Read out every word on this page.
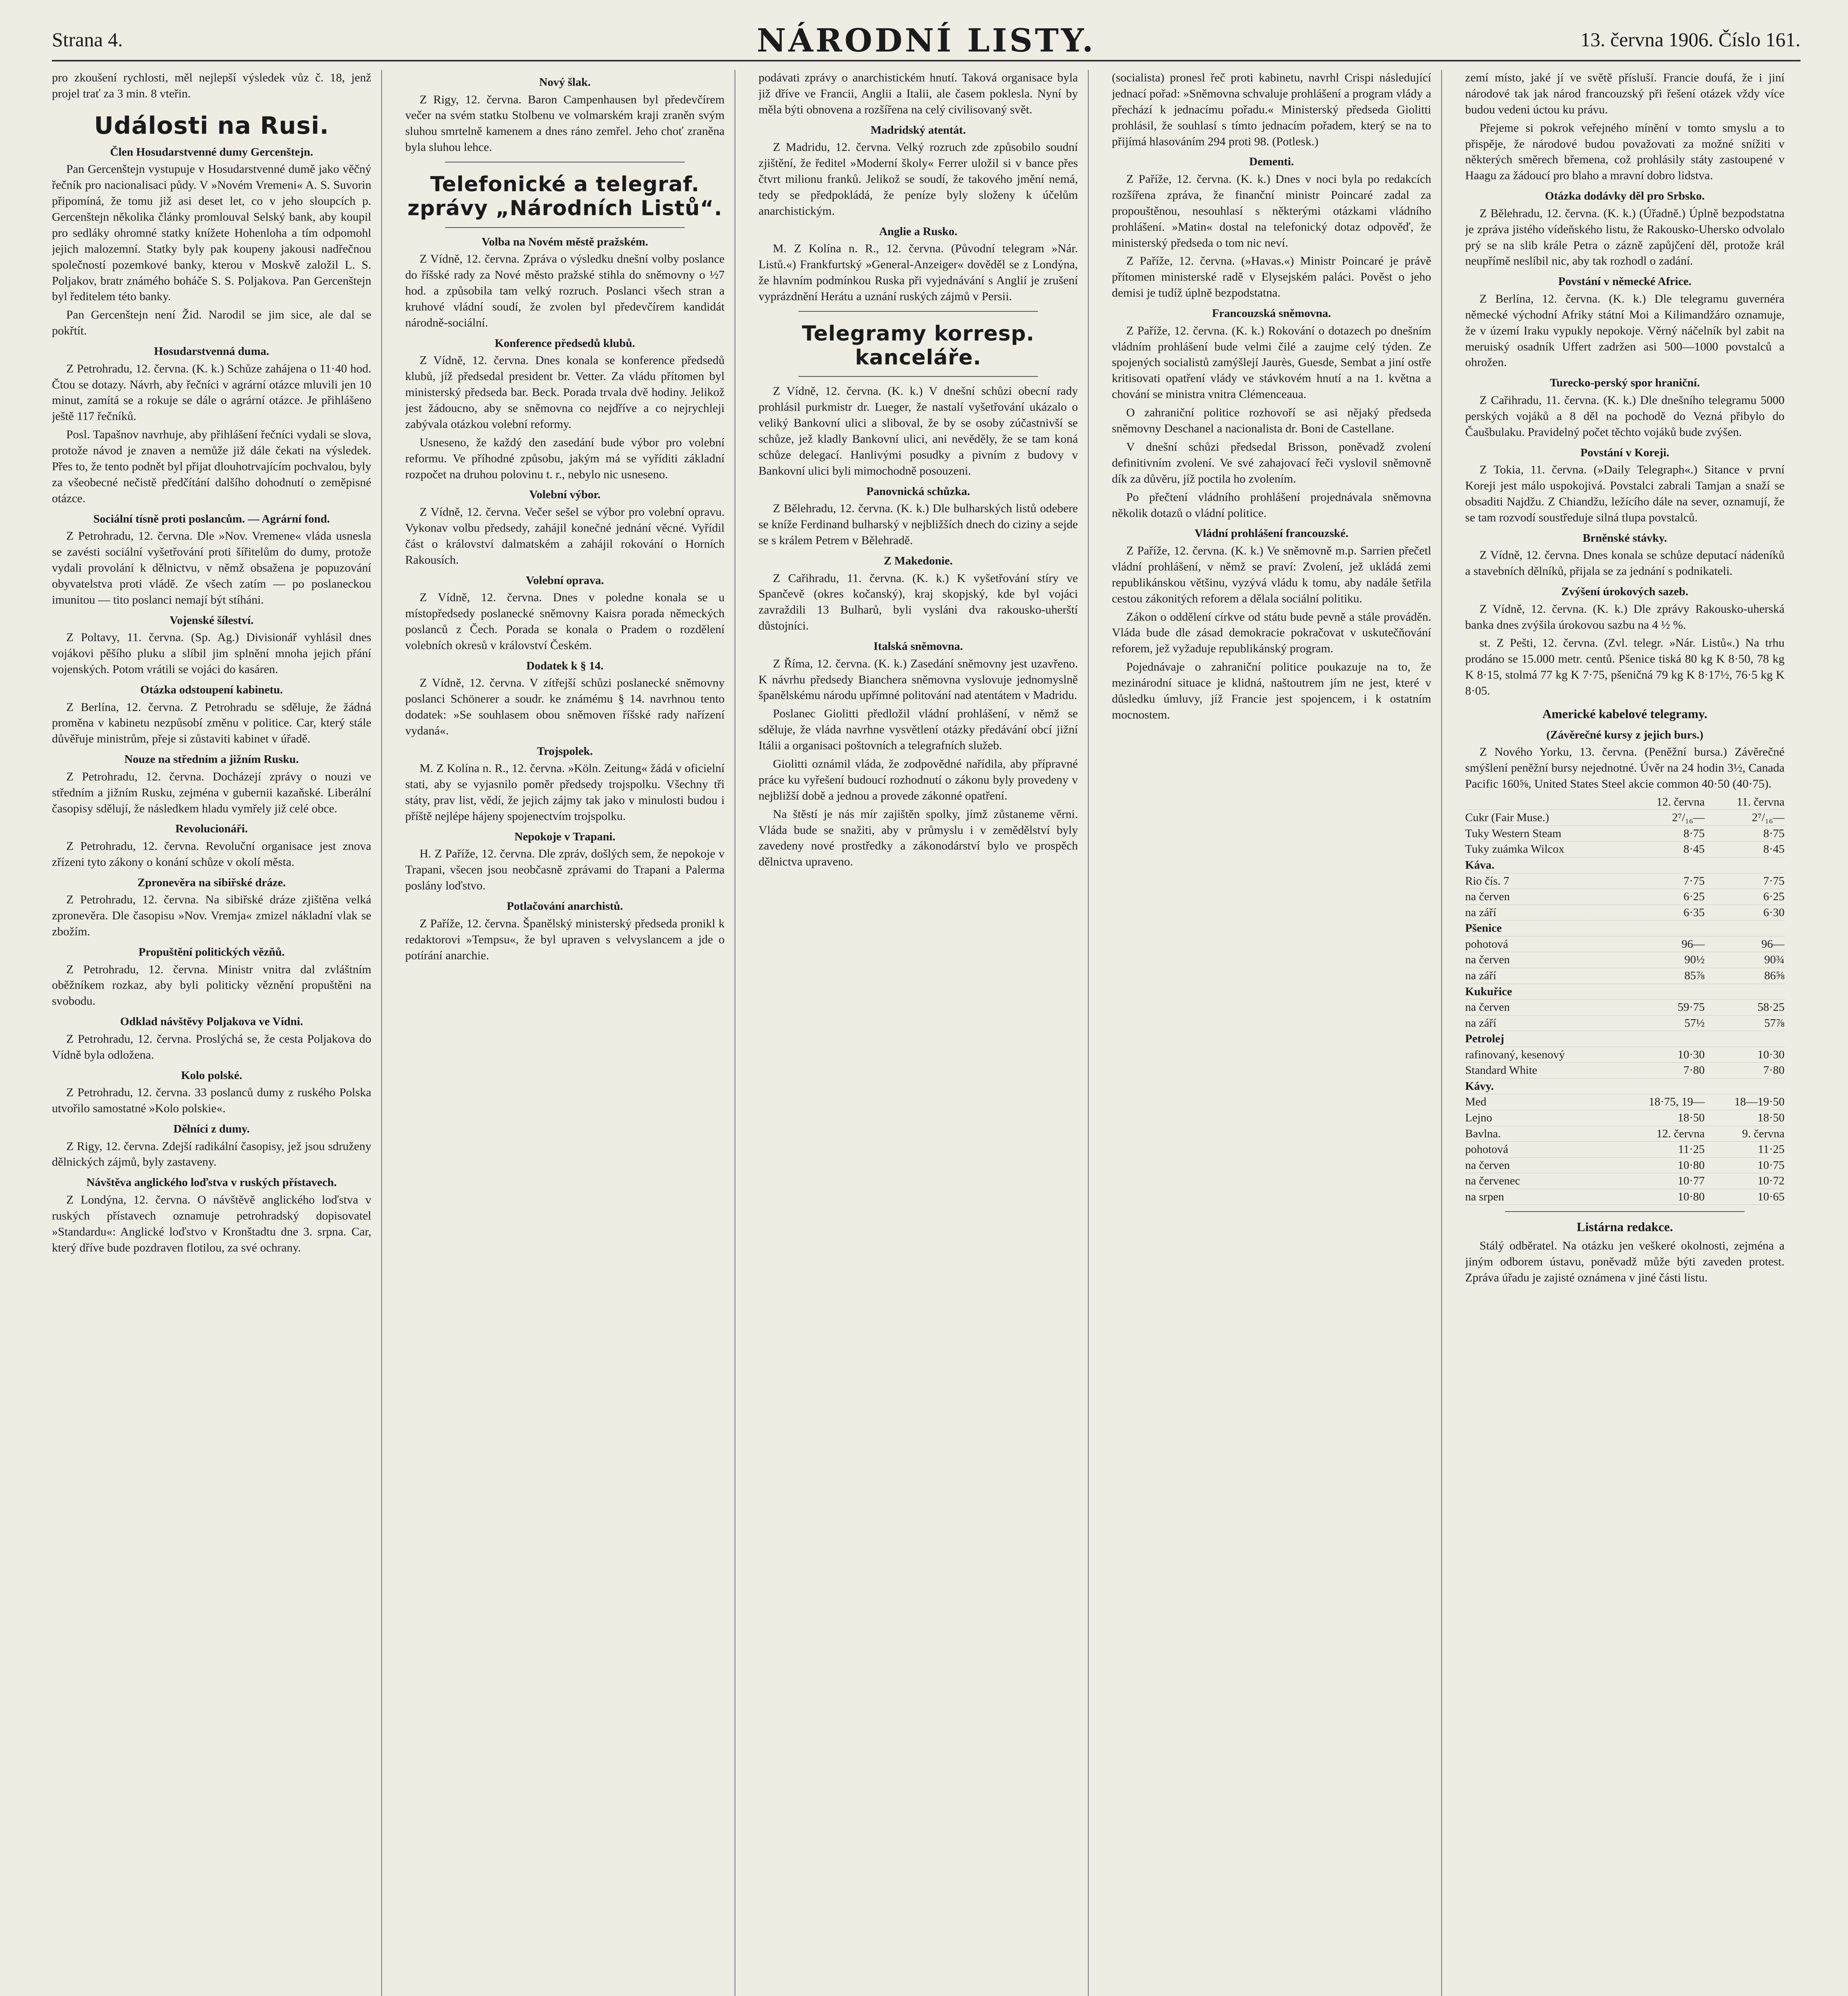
Strana 4.	NÁRODNÍ LISTY.	13. června 1906. Číslo 161.

pro zkoušení rychlosti, měl nejlepší výsledek vůz č. 18, jenž projel trať za 3 min. 8 vteřin.

Události na Rusi.
Člen Hosudarstvenné dumy Gercenštejn.

Pan Gercenštejn vystupuje v Hosudarstvenné dumě jako věčný řečník pro nacionalisaci půdy. V »Novém Vremeni« A. S. Suvorin připomíná, že tomu již asi deset let, co v jeho sloupcích p. Gercenštejn několika články promlouval Selský bank, aby koupil pro sedláky ohromné statky knížete Hohenloha a tím odpomohl jejich malozemní. Statky byly pak koupeny jakousi nadřečnou společností pozemkové banky, kterou v Moskvě založil L. S. Poljakov, bratr známého boháče S. S. Poljakova. Pan Gercenštejn byl ředitelem této banky.

Pan Gercenštejn není Žid. Narodil se jim sice, ale dal se pokřtít.

Hosudarstvenná duma.

Z Petrohradu, 12. června. (K. k.) Schůze zahájena o 11·40 hod. Čtou se dotazy. Návrh, aby řečníci v agrární otázce mluvili jen 10 minut, zamítá se a rokuje se dále o agrární otázce. Je přihlášeno ještě 117 řečníků.

Posl. Tapašnov navrhuje, aby přihlášení řečníci vydali se slova, protože návod je znaven a nemůže již dále čekati na výsledek. Přes to, že tento podnět byl přijat dlouhotrvajícím pochvalou, byly za všeobecné nečistě předčítání dalšího dohodnutí o zeměpisné otázce.

Sociální tísně proti poslancům. — Agrární fond.

Z Petrohradu, 12. června. Dle »Nov. Vremene« vláda usnesla se zavésti sociální vyšetřování proti šířitelům do dumy, protože vydali provolání k dělnictvu, v němž obsažena je popuzování obyvatelstva proti vládě. Ze všech zatím — po poslaneckou imunitou — tito poslanci nemají být stíháni.

Vojenské šíleství.

Z Poltavy, 11. června. (Sp. Ag.) Divisionář vyhlásil dnes vojákovi pěšího pluku a slíbil jim splnění mnoha jejich přání vojenských. Potom vrátili se vojáci do kasáren.

Otázka odstoupení kabinetu.

Z Berlína, 12. června. Z Petrohradu se sděluje, že žádná proměna v kabinetu nezpůsobí změnu v politice. Car, který stále důvěřuje ministrům, přeje si zůstaviti kabinet v úřadě.

Nouze na středním a jižním Rusku.

Z Petrohradu, 12. června. Docházejí zprávy o nouzi ve středním a jižním Rusku, zejména v gubernii kazaňské. Liberální časopisy sdělují, že následkem hladu vymřely již celé obce.

Revolucionáři.

Z Petrohradu, 12. června. Revoluční organisace jest znova zřízeni tyto zákony o konání schůze v okolí města.

Zpronevěra na sibiřské dráze.

Z Petrohradu, 12. června. Na sibiřské dráze zjištěna velká zpronevěra. Dle časopisu »Nov. Vremja« zmizel nákladní vlak se zbožím.

Propuštění politických vězňů.

Z Petrohradu, 12. června. Ministr vnitra dal zvláštním oběžníkem rozkaz, aby byli politicky věznění propuštěni na svobodu.

Odklad návštěvy Poljakova ve Vídni.

Z Petrohradu, 12. června. Proslýchá se, že cesta Poljakova do Vídně byla odložena.

Kolo polské.

Z Petrohradu, 12. června. 33 poslanců dumy z ruského Polska utvořilo samostatné »Kolo polskie«.

Dělníci z dumy.

Z Rigy, 12. června. Zdejší radikální časopisy, jež jsou sdruženy dělnických zájmů, byly zastaveny.

Návštěva anglického loďstva v ruských přístavech.

Z Londýna, 12. června. O návštěvě anglického loďstva v ruských přístavech oznamuje petrohradský dopisovatel »Standardu«: Anglické loďstvo v Kronštadtu dne 3. srpna. Car, který dříve bude pozdraven flotilou, za své ochrany.

Nový šlak.

Z Rigy, 12. června. Baron Campenhausen byl předevčírem večer na svém statku Stolbenu ve volmarském kraji zraněn svým sluhou smrtelně kamenem a dnes ráno zemřel. Jeho choť zraněna byla sluhou lehce.

Telefonické a telegraf. zprávy „Národních Listů“.
Volba na Novém městě pražském.

Z Vídně, 12. června. Zpráva o výsledku dnešní volby poslance do říšské rady za Nové město pražské stihla do sněmovny o ½7 hod. a způsobila tam velký rozruch. Poslanci všech stran a kruhové vládní soudí, že zvolen byl předevčírem kandidát národně-sociální.

Konference předsedů klubů.

Z Vídně, 12. června. Dnes konala se konference předsedů klubů, jíž předsedal president br. Vetter. Za vládu přítomen byl ministerský předseda bar. Beck. Porada trvala dvě hodiny. Jelikož jest žádoucno, aby se sněmovna co nejdříve a co nejrychleji zabývala otázkou volební reformy.

Usneseno, že každý den zasedání bude výbor pro volební reformu. Ve příhodné způsobu, jakým má se vyříditi základní rozpočet na druhou polovinu t. r., nebylo nic usneseno.

Volební výbor.

Z Vídně, 12. června. Večer sešel se výbor pro volební opravu. Vykonav volbu předsedy, zahájil konečné jednání věcné. Vyřídil část o království dalmatském a zahájil rokování o Horních Rakousích.

Volební oprava.

Z Vídně, 12. června. Dnes v poledne konala se u místopředsedy poslanecké sněmovny Kaisra porada německých poslanců z Čech. Porada se konala o Pradem o rozdělení volebních okresů v království Českém.

Dodatek k § 14.

Z Vídně, 12. června. V zítřejší schůzi poslanecké sněmovny poslanci Schönerer a soudr. ke známému § 14. navrhnou tento dodatek: »Se souhlasem obou sněmoven říšské rady nařízení vydaná«.

Trojspolek.

M. Z Kolína n. R., 12. června. »Köln. Zeitung« žádá v oficielní stati, aby se vyjasnilo poměr předsedy trojspolku. Všechny tři státy, prav list, vědí, že jejich zájmy tak jako v minulosti budou i příště nejlépe hájeny spojenectvím trojspolku.

Nepokoje v Trapani.

H. Z Paříže, 12. června. Dle zpráv, došlých sem, že nepokoje v Trapani, všecen jsou neobčasně zprávami do Trapani a Palerma poslány loďstvo.

Potlačování anarchistů.

Z Paříže, 12. června. Španělský ministerský předseda pronikl k redaktorovi »Tempsu«, že byl upraven s velvyslancem a jde o potírání anarchie.

podávati zprávy o anarchistickém hnutí. Taková organisace byla již dříve ve Francii, Anglii a Italii, ale časem poklesla. Nyní by měla býti obnovena a rozšířena na celý civilisovaný svět.

Madridský atentát.

Z Madridu, 12. června. Velký rozruch zde způsobilo soudní zjištění, že ředitel »Moderní školy« Ferrer uložil si v bance přes čtvrt milionu franků. Jelikož se soudí, že takového jmění nemá, tedy se předpokládá, že peníze byly složeny k účelům anarchistickým.

Anglie a Rusko.

M. Z Kolína n. R., 12. června. (Původní telegram »Nár. Listů.«) Frankfurtský »General-Anzeiger« dověděl se z Londýna, že hlavním podmínkou Ruska při vyjednávání s Anglií je zrušení vyprázdnění Herátu a uznání ruských zájmů v Persii.

Telegramy korresp. kanceláře.

Z Vídně, 12. června. (K. k.) V dnešní schůzi obecní rady prohlásil purkmistr dr. Lueger, že nastalí vyšetřování ukázalo o veliký Bankovní ulici a sliboval, že by se osoby zúčastnivší se schůze, jež kladly Bankovní ulici, ani nevěděly, že se tam koná schůze delegací. Hanlivými posudky a pivním z budovy v Bankovní ulici byli mimochodně posouzeni.

Panovnická schůzka.

Z Bělehradu, 12. června. (K. k.) Dle bulharských listů odebere se kníže Ferdinand bulharský v nejbližších dnech do ciziny a sejde se s králem Petrem v Bělehradě.

Z Makedonie.

Z Cařihradu, 11. června. (K. k.) K vyšetřování stíry ve Spančevě (okres kočanský), kraj skopjský, kde byl vojáci zavraždili 13 Bulharů, byli vysláni dva rakousko-uherští důstojníci.

Italská sněmovna.

Z Říma, 12. června. (K. k.) Zasedání sněmovny jest uzavřeno. K návrhu předsedy Bianchera sněmovna vyslovuje jednomyslně španělskému národu upřímné politování nad atentátem v Madridu.

Poslanec Giolitti předložil vládní prohlášení, v němž se sděluje, že vláda navrhne vysvětlení otázky předávání obcí jižní Itálii a organisaci poštovních a telegrafních služeb.

Giolitti oznámil vláda, že zodpovědné nařídila, aby přípravné práce ku vyřešení budoucí rozhodnutí o zákonu byly provedeny v nejbližší době a jednou a provede zákonné opatření.

Na štěstí je nás mír zajištěn spolky, jímž zůstaneme věrni. Vláda bude se snažiti, aby v průmyslu i v zemědělství byly zavedeny nové prostředky a zákonodárství bylo ve prospěch dělnictva upraveno.

(socialista) pronesl řeč proti kabinetu, navrhl Crispi následující jednací pořad: »Sněmovna schvaluje prohlášení a program vlády a přechází k jednacímu pořadu.« Ministerský předseda Giolitti prohlásil, že souhlasí s tímto jednacím pořadem, který se na to přijímá hlasováním 294 proti 98. (Potlesk.)

Dementi.

Z Paříže, 12. června. (K. k.) Dnes v noci byla po redakcích rozšířena zpráva, že finanční ministr Poincaré zadal za propouštěnou, nesouhlasí s některými otázkami vládního prohlášení. »Matin« dostal na telefonický dotaz odpověď, že ministerský předseda o tom nic neví.

Z Paříže, 12. června. (»Havas.«) Ministr Poincaré je právě přítomen ministerské radě v Elysejském paláci. Pověst o jeho demisi je tudíž úplně bezpodstatna.

Francouzská sněmovna.

Z Paříže, 12. června. (K. k.) Rokování o dotazech po dnešním vládním prohlášení bude velmi čilé a zaujme celý týden. Ze spojených socialistů zamýšlejí Jaurès, Guesde, Sembat a jiní ostře kritisovati opatření vlády ve stávkovém hnutí a na 1. května a chování se ministra vnitra Clémenceaua.

O zahraniční politice rozhovoří se asi nějaký předseda sněmovny Deschanel a nacionalista dr. Boni de Castellane.

V dnešní schůzi předsedal Brisson, poněvadž zvolení definitivním zvolení. Ve své zahajovací řeči vyslovil sněmovně dík za důvěru, jíž poctila ho zvolením.

Po přečtení vládního prohlášení projednávala sněmovna několik dotazů o vládní politice.

Vládní prohlášení francouzské.

Z Paříže, 12. června. (K. k.) Ve sněmovně m.p. Sarrien přečetl vládní prohlášení, v němž se praví: Zvolení, jež ukládá zemi republikánskou většinu, vyzývá vládu k tomu, aby nadále šetřila cestou zákonitých reforem a dělala sociální politiku.

Zákon o oddělení církve od státu bude pevně a stále prováděn. Vláda bude dle zásad demokracie pokračovat v uskutečňování reforem, jež vyžaduje republikánský program.

Pojednávaje o zahraniční politice poukazuje na to, že mezinárodní situace je klidná, naštoutrem jím ne jest, které v důsledku úmluvy, jíž Francie jest spojencem, i k ostatním mocnostem.

zemí místo, jaké jí ve světě přísluší. Francie doufá, že i jiní národové tak jak národ francouzský při řešení otázek vždy více budou vedeni úctou ku právu.

Přejeme si pokrok veřejného mínění v tomto smyslu a to přispěje, že národové budou považovati za možné snížiti v některých směrech břemena, což prohlásily státy zastoupené v Haagu za žádoucí pro blaho a mravní dobro lidstva.

Otázka dodávky děl pro Srbsko.

Z Bělehradu, 12. června. (K. k.) (Úřadně.) Úplně bezpodstatna je zpráva jistého vídeňského listu, že Rakousko-Uhersko odvolalo prý se na slib krále Petra o zázně zapůjčení děl, protože král neupřímě neslíbil nic, aby tak rozhodl o zadání.

Povstání v německé Africe.

Z Berlína, 12. června. (K. k.) Dle telegramu guvernéra německé východní Afriky státní Moi a Kilimandžáro oznamuje, že v území Iraku vypukly nepokoje. Věrný náčelník byl zabit na meruiský osadník Uffert zadržen asi 500—1000 povstalců a ohrožen.

Turecko-perský spor hraniční.

Z Cařihradu, 11. června. (K. k.) Dle dnešního telegramu 5000 perských vojáků a 8 děl na pochodě do Vezná přibylo do Čaušbulaku. Pravidelný počet těchto vojáků bude zvýšen.

Povstání v Koreji.

Z Tokia, 11. června. (»Daily Telegraph«.) Sitance v první Koreji jest málo uspokojivá. Povstalci zabrali Tamjan a snaží se obsaditi Najdžu. Z Chiandžu, ležícího dále na sever, oznamují, že se tam rozvodí soustředuje silná tlupa povstalců.

Brněnské stávky.

Z Vídně, 12. června. Dnes konala se schůze deputací nádeníků a stavebních dělníků, přijala se za jednání s podnikateli.

Zvýšení úrokových sazeb.

Z Vídně, 12. června. (K. k.) Dle zprávy Rakousko-uherská banka dnes zvýšila úrokovou sazbu na 4 ½ %.

st. Z Pešti, 12. června. (Zvl. telegr. »Nár. Listů«.) Na trhu prodáno se 15.000 metr. centů. Pšenice tiská 80 kg K 8·50, 78 kg K 8·15, stolmá 77 kg K 7·75, pšeničná 79 kg K 8·17½, 76·5 kg K 8·05.

Americké kabelové telegramy.
(Závěrečné kursy z jejich burs.)

Z Nového Yorku, 13. června. (Peněžní bursa.) Závěrečné smýšlení peněžní bursy nejednotné. Úvěr na 24 hodin 3½, Canada Pacific 160⅝, United States Steel akcie common 40·50 (40·75).

12. června	11. června
Cukr (Fair Muse.)	2⁷/₁₆—	2⁷/₁₆—
Tuky Western Steam	8·75	8·75
Tuky zuámka Wilcox	8·45	8·45
Káva.
Rio čís. 7	7·75	7·75
na červen	6·25	6·25
na září	6·35	6·30
Pšenice
pohotová	96—	96—
na červen	90½	90¾
na září	85⅞	86⅝
Kukuřice
na červen	59·75	58·25
na září	57½	57⅞
Petrolej
rafinovaný, kesenový	10·30	10·30
Standard White	7·80	7·80
Kávy.
Med	18·75, 19—	18—19·50
Lejno	18·50	18·50
Bavlna.	12. června	9. června
pohotová	11·25	11·25
na červen	10·80	10·75
na červenec	10·77	10·72
na srpen	10·80	10·65
Listárna redakce.

Stálý odběratel. Na otázku jen veškeré okolnosti, zejména a jiným odborem ústavu, poněvadž může býti zaveden protest. Zpráva úřadu je zajisté oznámena v jiné části listu.
